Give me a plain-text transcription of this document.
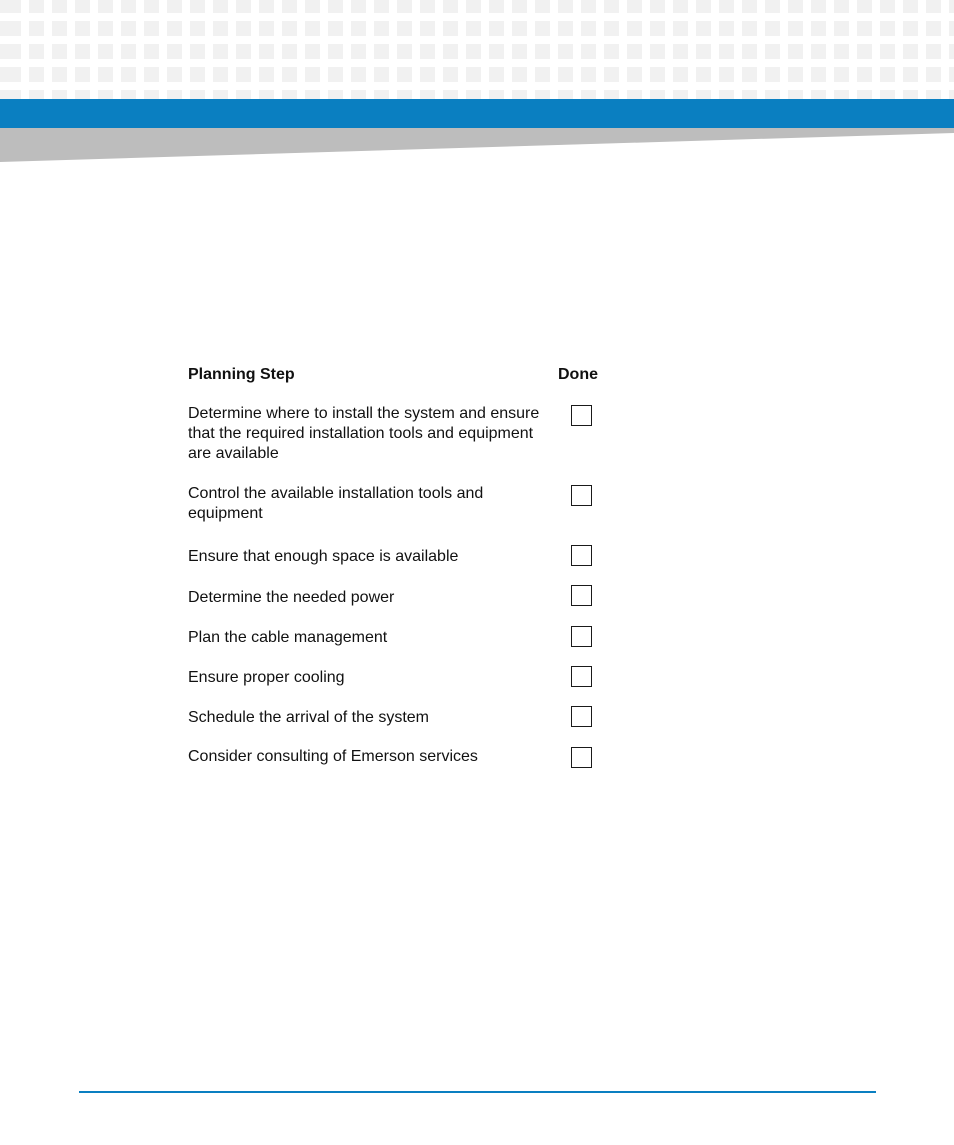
Planning Step	Done
Determine where to install the system and ensure that the required installation tools and equipment are available
Control the available installation tools and equipment
Ensure that enough space is available
Determine the needed power
Plan the cable management
Ensure proper cooling
Schedule the arrival of the system
Consider consulting of Emerson services
